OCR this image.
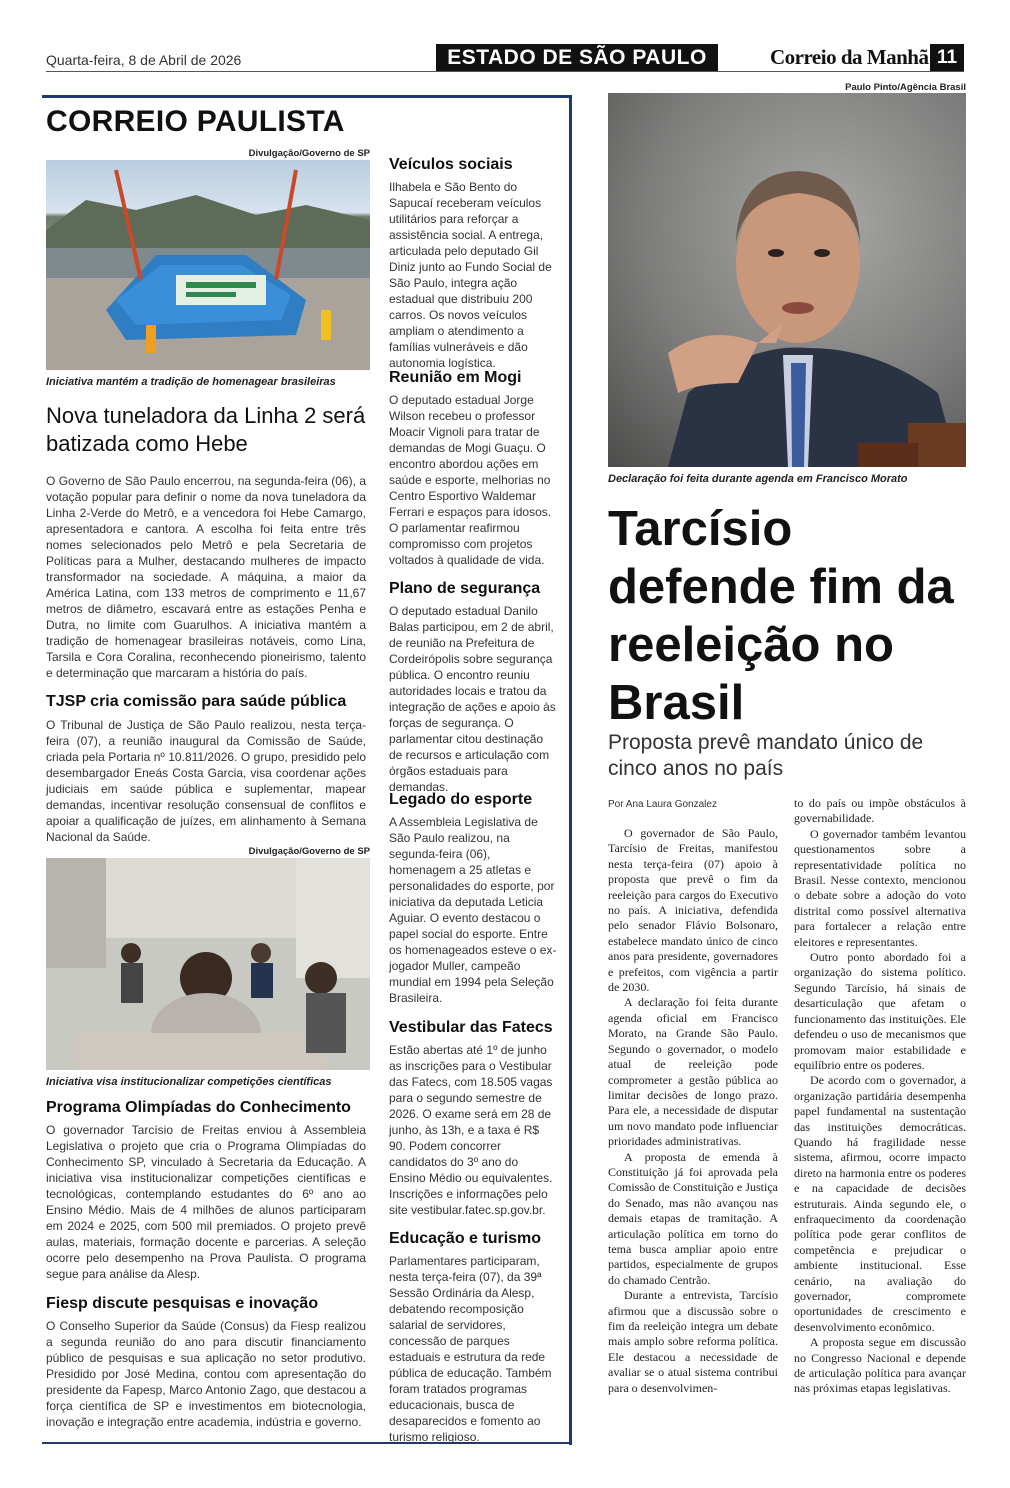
Quarta-feira, 8 de Abril de 2026	ESTADO DE SÃO PAULO	Correio da Manhã 11
CORREIO PAULISTA
Divulgação/Governo de SP
Iniciativa mantém a tradição de homenagear brasileiras
Nova tuneladora da Linha 2 será batizada como Hebe
O Governo de São Paulo encerrou, na segunda-feira (06), a votação popular para definir o nome da nova tuneladora da Linha 2-Verde do Metrô, e a vencedora foi Hebe Camargo, apresentadora e cantora. A escolha foi feita entre três nomes selecionados pelo Metrô e pela Secretaria de Políticas para a Mulher, destacando mulheres de impacto transformador na sociedade. A máquina, a maior da América Latina, com 133 metros de comprimento e 11,67 metros de diâmetro, escavará entre as estações Penha e Dutra, no limite com Guarulhos. A iniciativa mantém a tradição de homenagear brasileiras notáveis, como Lina, Tarsila e Cora Coralina, reconhecendo pioneirismo, talento e determinação que marcaram a história do país.
TJSP cria comissão para saúde pública
O Tribunal de Justiça de São Paulo realizou, nesta terça-feira (07), a reunião inaugural da Comissão de Saúde, criada pela Portaria nº 10.811/2026. O grupo, presidido pelo desembargador Eneás Costa Garcia, visa coordenar ações judiciais em saúde pública e suplementar, mapear demandas, incentivar resolução consensual de conflitos e apoiar a qualificação de juízes, em alinhamento à Semana Nacional da Saúde.
Divulgação/Governo de SP
Iniciativa visa institucionalizar competições científicas
Programa Olimpíadas do Conhecimento
O governador Tarcísio de Freitas enviou à Assembleia Legislativa o projeto que cria o Programa Olimpíadas do Conhecimento SP, vinculado à Secretaria da Educação. A iniciativa visa institucionalizar competições científicas e tecnológicas, contemplando estudantes do 6º ano ao Ensino Médio. Mais de 4 milhões de alunos participaram em 2024 e 2025, com 500 mil premiados. O projeto prevê aulas, materiais, formação docente e parcerias. A seleção ocorre pelo desempenho na Prova Paulista. O programa segue para análise da Alesp.
Fiesp discute pesquisas e inovação
O Conselho Superior da Saúde (Consus) da Fiesp realizou a segunda reunião do ano para discutir financiamento público de pesquisas e sua aplicação no setor produtivo. Presidido por José Medina, contou com apresentação do presidente da Fapesp, Marco Antonio Zago, que destacou a força científica de SP e investimentos em biotecnologia, inovação e integração entre academia, indústria e governo.
Veículos sociais
Ilhabela e São Bento do Sapucaí receberam veículos utilitários para reforçar a assistência social. A entrega, articulada pelo deputado Gil Diniz junto ao Fundo Social de São Paulo, integra ação estadual que distribuiu 200 carros. Os novos veículos ampliam o atendimento a famílias vulneráveis e dão autonomia logística.
Reunião em Mogi
O deputado estadual Jorge Wilson recebeu o professor Moacir Vignoli para tratar de demandas de Mogi Guaçu. O encontro abordou ações em saúde e esporte, melhorias no Centro Esportivo Waldemar Ferrari e espaços para idosos. O parlamentar reafirmou compromisso com projetos voltados à qualidade de vida.
Plano de segurança
O deputado estadual Danilo Balas participou, em 2 de abril, de reunião na Prefeitura de Cordeirópolis sobre segurança pública. O encontro reuniu autoridades locais e tratou da integração de ações e apoio às forças de segurança. O parlamentar citou destinação de recursos e articulação com órgãos estaduais para demandas.
Legado do esporte
A Assembleia Legislativa de São Paulo realizou, na segunda-feira (06), homenagem a 25 atletas e personalidades do esporte, por iniciativa da deputada Leticia Aguiar. O evento destacou o papel social do esporte. Entre os homenageados esteve o ex-jogador Muller, campeão mundial em 1994 pela Seleção Brasileira.
Vestibular das Fatecs
Estão abertas até 1º de junho as inscrições para o Vestibular das Fatecs, com 18.505 vagas para o segundo semestre de 2026. O exame será em 28 de junho, às 13h, e a taxa é R$ 90. Podem concorrer candidatos do 3º ano do Ensino Médio ou equivalentes. Inscrições e informações pelo site vestibular.fatec.sp.gov.br.
Educação e turismo
Parlamentares participaram, nesta terça-feira (07), da 39ª Sessão Ordinária da Alesp, debatendo recomposição salarial de servidores, concessão de parques estaduais e estrutura da rede pública de educação. Também foram tratados programas educacionais, busca de desaparecidos e fomento ao turismo religioso.
Paulo Pinto/Agência Brasil
Declaração foi feita durante agenda em Francisco Morato
Tarcísio defende fim da reeleição no Brasil
Proposta prevê mandato único de cinco anos no país
Por Ana Laura Gonzalez

O governador de São Paulo, Tarcísio de Freitas, manifestou nesta terça-feira (07) apoio à proposta que prevê o fim da reeleição para cargos do Executivo no país. A iniciativa, defendida pelo senador Flávio Bolsonaro, estabelece mandato único de cinco anos para presidente, governadores e prefeitos, com vigência a partir de 2030.

A declaração foi feita durante agenda oficial em Francisco Morato, na Grande São Paulo. Segundo o governador, o modelo atual de reeleição pode comprometer a gestão pública ao limitar decisões de longo prazo. Para ele, a necessidade de disputar um novo mandato pode influenciar prioridades administrativas.

A proposta de emenda à Constituição já foi aprovada pela Comissão de Constituição e Justiça do Senado, mas não avançou nas demais etapas de tramitação. A articulação política em torno do tema busca ampliar apoio entre partidos, especialmente de grupos do chamado Centrão.

Durante a entrevista, Tarcísio afirmou que a discussão sobre o fim da reeleição integra um debate mais amplo sobre reforma política. Ele destacou a necessidade de avaliar se o atual sistema contribui para o desenvolvimen-

to do país ou impõe obstáculos à governabilidade.

O governador também levantou questionamentos sobre a representatividade política no Brasil. Nesse contexto, mencionou o debate sobre a adoção do voto distrital como possível alternativa para fortalecer a relação entre eleitores e representantes.

Outro ponto abordado foi a organização do sistema político. Segundo Tarcísio, há sinais de desarticulação que afetam o funcionamento das instituições. Ele defendeu o uso de mecanismos que promovam maior estabilidade e equilíbrio entre os poderes.

De acordo com o governador, a organização partidária desempenha papel fundamental na sustentação das instituições democráticas. Quando há fragilidade nesse sistema, afirmou, ocorre impacto direto na harmonia entre os poderes e na capacidade de decisões estruturais. Ainda segundo ele, o enfraquecimento da coordenação política pode gerar conflitos de competência e prejudicar o ambiente institucional. Esse cenário, na avaliação do governador, compromete oportunidades de crescimento e desenvolvimento econômico.

A proposta segue em discussão no Congresso Nacional e depende de articulação política para avançar nas próximas etapas legislativas.
